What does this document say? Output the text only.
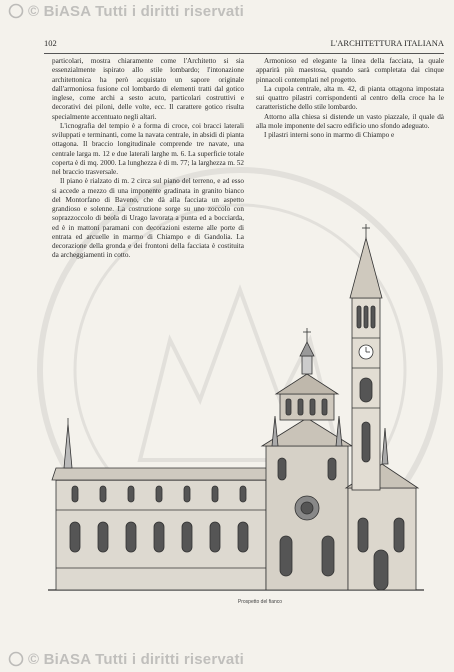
© BiASA Tutti i diritti riservati
102	L'ARCHITETTURA ITALIANA

particolari, mostra chiaramente come l'Architetto si sia essenzialmente ispirato allo stile lombardo; l'intonazione architettonica ha però acquistato un sapore originale dall'armoniosa fusione col lombardo di elementi tratti dal gotico inglese, come archi a sesto acuto, particolari costruttivi e decorativi dei piloni, delle volte, ecc. Il carattere gotico risulta specialmente accentuato negli altari.

L'icnografia del tempio è a forma di croce, coi bracci laterali sviluppati e terminanti, come la navata centrale, in absidi di pianta ottagona. Il braccio longitudinale comprende tre navate, una centrale larga m. 12 e due laterali larghe m. 6. La superficie totale coperta è di mq. 2000. La lunghezza è di m. 77; la larghezza m. 52 nel braccio trasversale.

Il piano è rialzato di m. 2 circa sul piano del terreno, e ad esso si accede a mezzo di una imponente gradinata in granito bianco del Montorfano di Baveno, che dà alla facciata un aspetto grandioso e solenne. La costruzione sorge su uno zoccolo con soprazzoccolo di beola di Urago lavorata a punta ed a bocciarda, ed è in mattoni paramani con decorazioni esterne alle porte di entrata ed arcuelle in marmo di Chiampo e di Gandolia. La decorazione della gronda e dei frontoni della facciata è costituita da archeggiamenti in cotto.

Armonioso ed elegante la linea della facciata, la quale apparirà più maestosa, quando sarà completata dai cinque pinnacoli contemplati nel progetto.

La cupola centrale, alta m. 42, di pianta ottagona impostata sui quattro pilastri corrispondenti al centro della croce ha le caratteristiche dello stile lombardo.

Attorno alla chiesa si distende un vasto piazzale, il quale dà alla mole imponente del sacro edificio uno sfondo adeguato.

I pilastri interni sono in marmo di Chiampo e

Prospetto del fianco
© BiASA Tutti i diritti riservati
